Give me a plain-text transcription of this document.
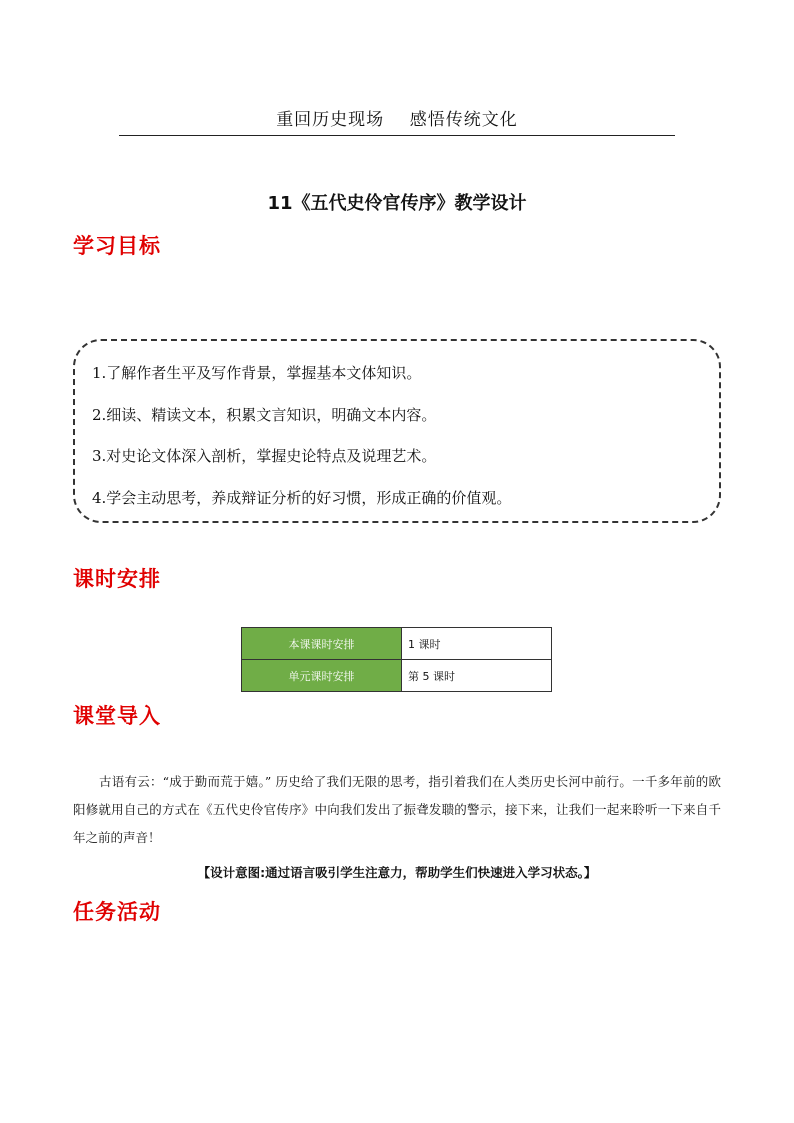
重回历史现场    感悟传统文化
11《五代史伶官传序》教学设计
学习目标
1.了解作者生平及写作背景，掌握基本文体知识。
2.细读、精读文本，积累文言知识，明确文本内容。
3.对史论文体深入剖析，掌握史论特点及说理艺术。
4.学会主动思考，养成辩证分析的好习惯，形成正确的价值观。
课时安排
本课课时安排	1 课时
单元课时安排	第 5 课时
课堂导入
古语有云：“成于勤而荒于嬉。” 历史给了我们无限的思考，指引着我们在人类历史长河中前行。一千多年前的欧阳修就用自己的方式在《五代史伶官传序》中向我们发出了振聋发聩的警示，接下来，让我们一起来聆听一下来自千年之前的声音！
【设计意图:通过语言吸引学生注意力，帮助学生们快速进入学习状态。】
任务活动
